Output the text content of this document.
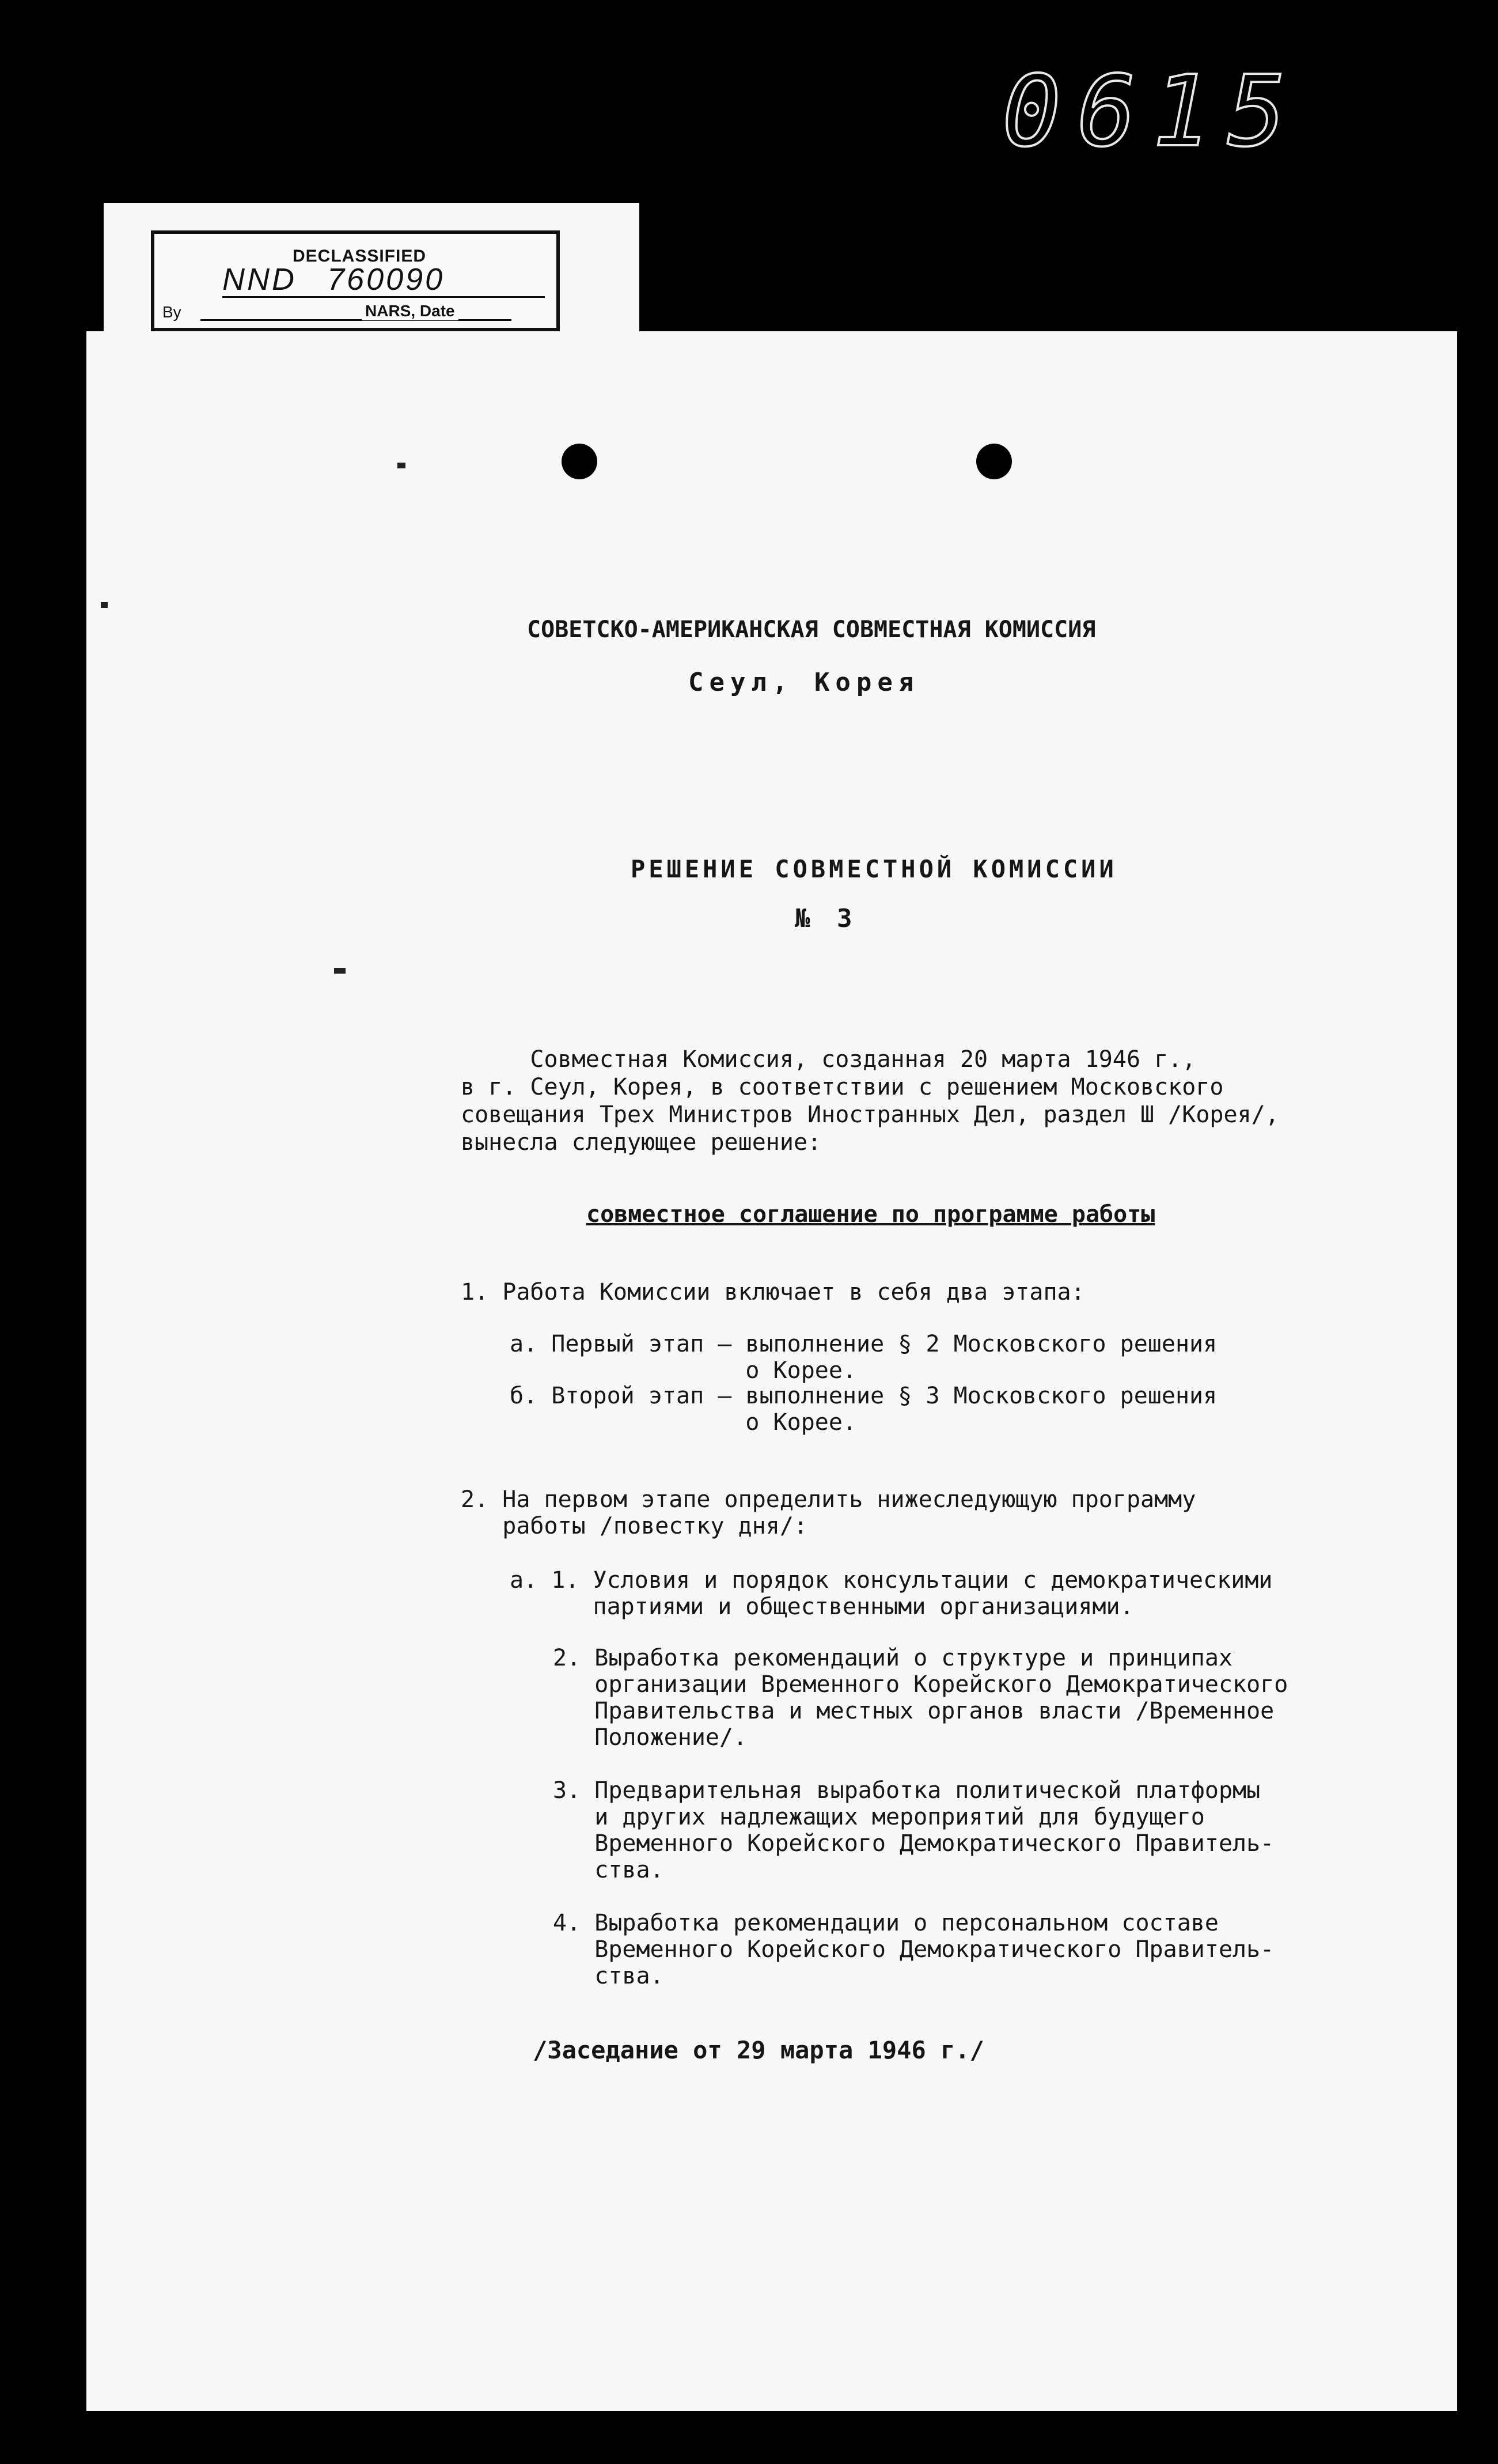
0615
DECLASSIFIED
NND 760090
By	NARS, Date
СОВЕТСКО-АМЕРИКАНСКАЯ СОВМЕСТНАЯ КОМИССИЯ
Сеул, Корея
РЕШЕНИЕ СОВМЕСТНОЙ КОМИССИИ
№ 3
Совместная Комиссия, созданная 20 марта 1946 г.,
в г. Сеул, Корея, в соответствии с решением Московского
совещания Трех Министров Иностранных Дел, раздел Ш /Корея/,
вынесла следующее решение:
совместное соглашение по программе работы
1. Работа Комиссии включает в себя два этапа:
а. Первый этап – выполнение § 2 Московского решения
о Корее.
б. Второй этап – выполнение § 3 Московского решения
о Корее.
2. На первом этапе определить нижеследующую программу
работы /повестку дня/:
а. 1. Условия и порядок консультации с демократическими
партиями и общественными организациями.
2. Выработка рекомендаций о структуре и принципах
организации Временного Корейского Демократического
Правительства и местных органов власти /Временное
Положение/.
3. Предварительная выработка политической платформы
и других надлежащих мероприятий для будущего
Временного Корейского Демократического Правитель-
ства.
4. Выработка рекомендации о персональном составе
Временного Корейского Демократического Правитель-
ства.
/Заседание от 29 марта 1946 г./
